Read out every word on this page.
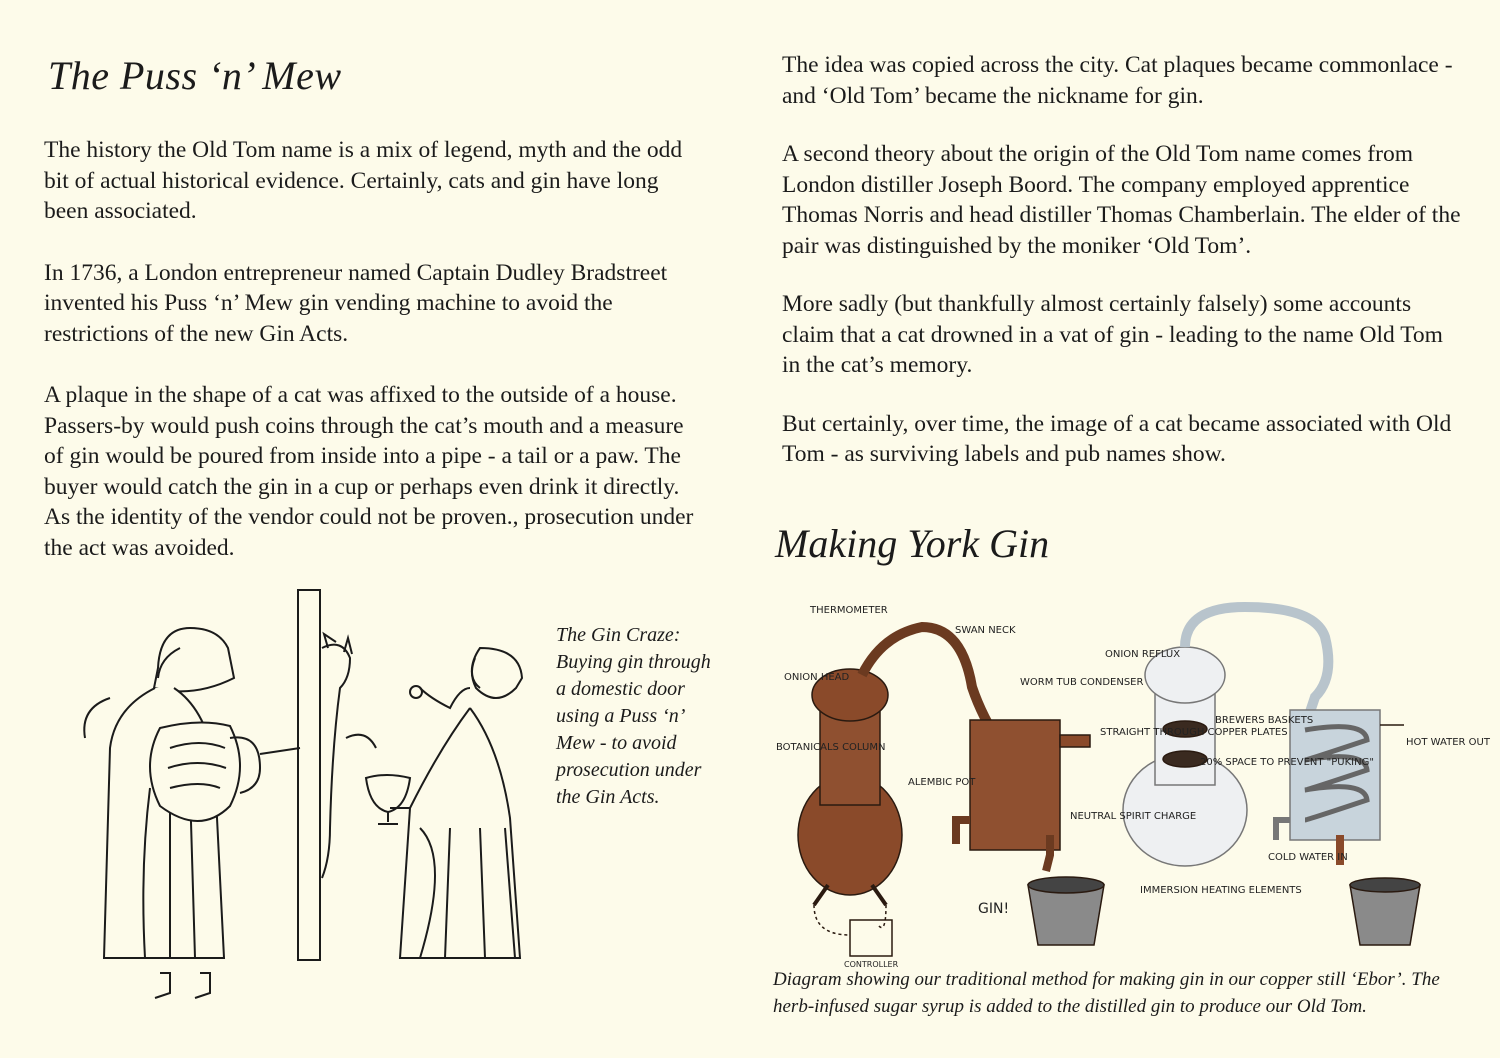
The Puss ‘n’ Mew

The history the Old Tom name is a mix of legend, myth and the odd bit of actual historical evidence. Certainly, cats and gin have long been associated.

In 1736, a London entrepreneur named Captain Dudley Bradstreet invented his Puss ‘n’ Mew gin vending machine to avoid the restrictions of the new Gin Acts.

A plaque in the shape of a cat was affixed to the outside of a house. Passers-by would push coins through the cat’s mouth and a measure of gin would be poured from inside into a pipe - a tail or a paw. The buyer would catch the gin in a cup or perhaps even drink it directly. As the identity of the vendor could not be proven., prosecution under the act was avoided.

The Gin Craze: Buying gin through a domestic door using a Puss ‘n’ Mew - to avoid prosecution under the Gin Acts.

The idea was copied across the city. Cat plaques became commonlace - and ‘Old Tom’ became the nickname for gin.

A second theory about the origin of the Old Tom name comes from London distiller Joseph Boord. The company employed apprentice Thomas Norris and head distiller Thomas Chamberlain. The elder of the pair was distinguished by the moniker ‘Old Tom’.

More sadly (but thankfully almost certainly falsely) some accounts claim that a cat drowned in a vat of gin - leading to the name Old Tom in the cat’s memory.

But certainly, over time, the image of a cat became associated with Old Tom - as surviving labels and pub names show.

Making York Gin
THERMOMETER
SWAN NECK
ONION HEAD	WORM TUB CONDENSER
BOTANICALS COLUMN
ALEMBIC POT
ONION REFLUX
STRAIGHT THROUGH COPPER PLATES
BREWERS BASKETS
20% SPACE TO PREVENT "PUKING"
NEUTRAL SPIRIT CHARGE
HOT WATER OUT
COLD WATER IN
IMMERSION HEATING ELEMENTS
GIN!
CONTROLLER
Diagram showing our traditional method for making gin in our copper still ‘Ebor’. The herb-infused sugar syrup is added to the distilled gin to produce our Old Tom.
